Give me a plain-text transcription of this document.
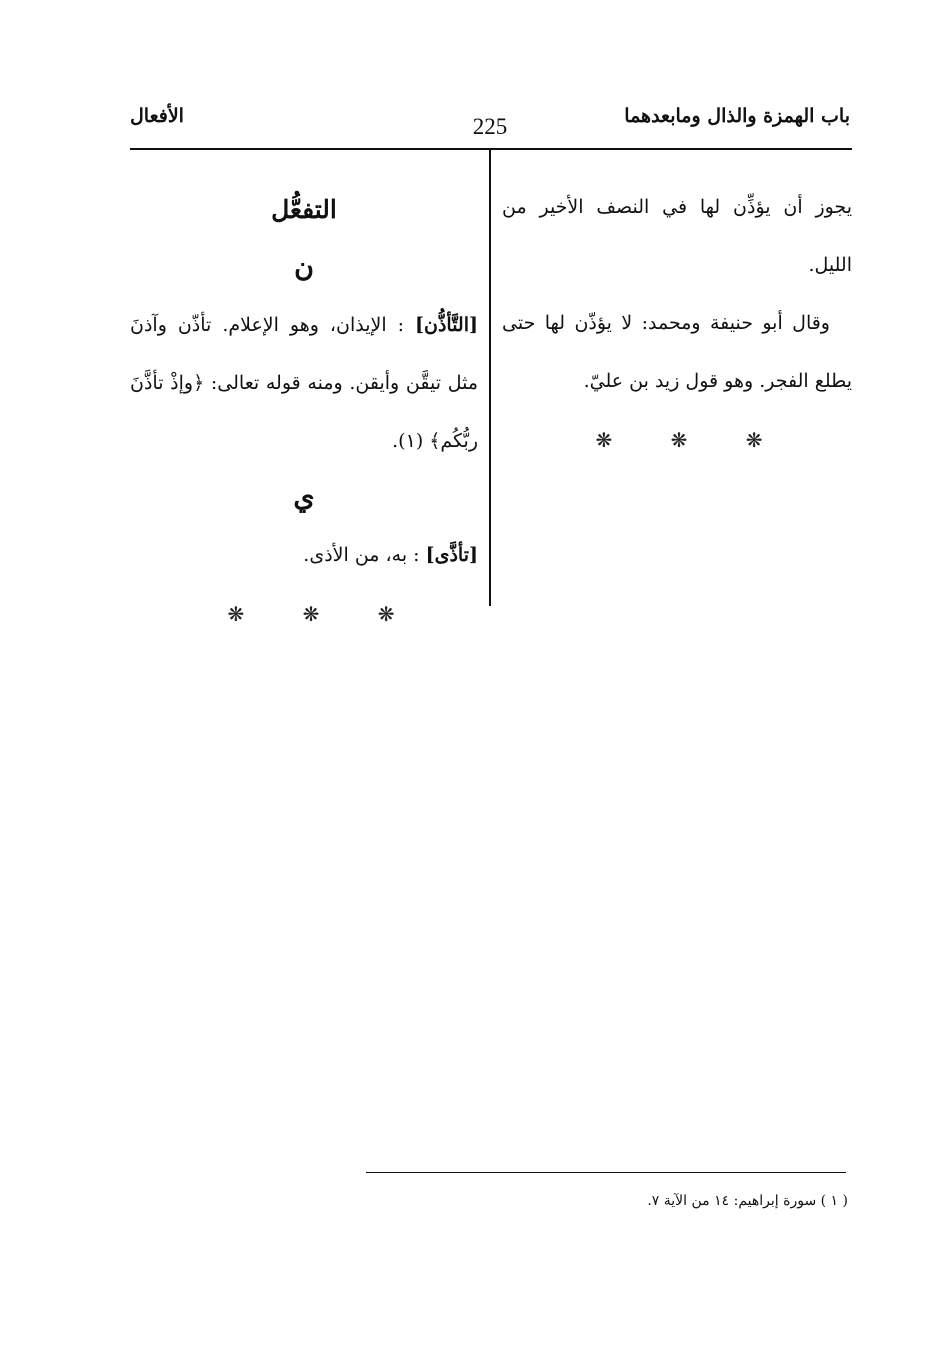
باب الهمزة والذال ومابعدهما
225
الأفعال

يجوز أن يؤذِّن لها في النصف الأخير من الليل.

وقال أبو حنيفة ومحمد: لا يؤذّن لها حتى يطلع الفجر. وهو قول زيد بن عليّ.

❋ ❋ ❋

التفعُّل

ن

[التَّأذُّن] : الإيذان، وهو الإعلام. تأذّن وآذنَ مثل تيقَّن وأيقن. ومنه قوله تعالى: ﴿وإذْ تأذَّنَ ربُّكُم﴾ (١).

ي

[تأذَّى] : به، من الأذى.

❋ ❋ ❋
( ١ ) سورة إبراهيم: ١٤ من الآية ٧.
